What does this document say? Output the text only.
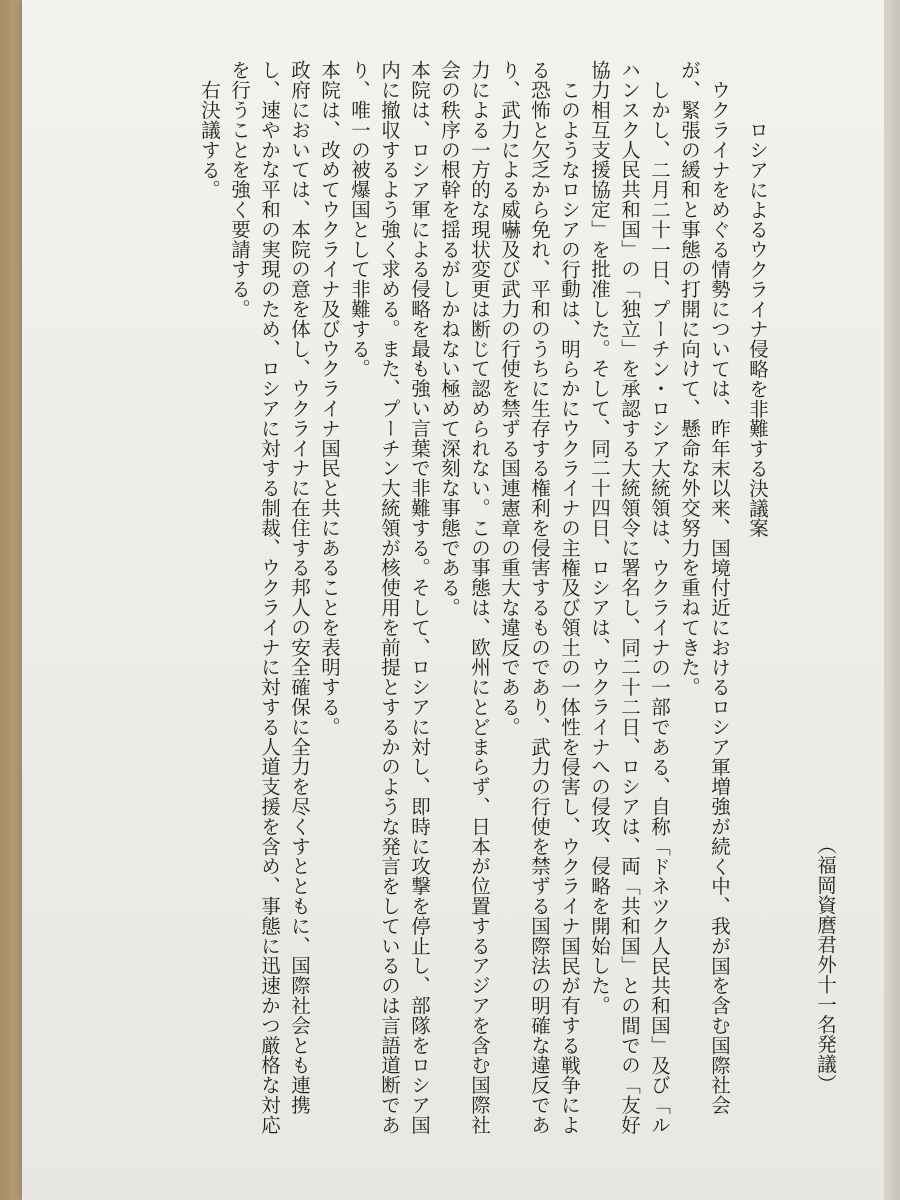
（福岡資麿君外十一名発議）
ロシアによるウクライナ侵略を非難する決議案
ウクライナをめぐる情勢については、昨年末以来、国境付近におけるロシア軍増強が続く中、我が国を含む国際社会が、緊張の緩和と事態の打開に向けて、懸命な外交努力を重ねてきた。
しかし、二月二十一日、プーチン・ロシア大統領は、ウクライナの一部である、自称「ドネツク人民共和国」及び「ルハンスク人民共和国」の「独立」を承認する大統領令に署名し、同二十二日、ロシアは、両「共和国」との間での「友好協力相互支援協定」を批准した。そして、同二十四日、ロシアは、ウクライナへの侵攻、侵略を開始した。
このようなロシアの行動は、明らかにウクライナの主権及び領土の一体性を侵害し、ウクライナ国民が有する戦争による恐怖と欠乏から免れ、平和のうちに生存する権利を侵害するものであり、武力の行使を禁ずる国際法の明確な違反であり、武力による威嚇及び武力の行使を禁ずる国連憲章の重大な違反である。
力による一方的な現状変更は断じて認められない。この事態は、欧州にとどまらず、日本が位置するアジアを含む国際社会の秩序の根幹を揺るがしかねない極めて深刻な事態である。
本院は、ロシア軍による侵略を最も強い言葉で非難する。そして、ロシアに対し、即時に攻撃を停止し、部隊をロシア国内に撤収するよう強く求める。また、プーチン大統領が核使用を前提とするかのような発言をしているのは言語道断であり、唯一の被爆国として非難する。
本院は、改めてウクライナ及びウクライナ国民と共にあることを表明する。
政府においては、本院の意を体し、ウクライナに在住する邦人の安全確保に全力を尽くすとともに、国際社会とも連携し、速やかな平和の実現のため、ロシアに対する制裁、ウクライナに対する人道支援を含め、事態に迅速かつ厳格な対応を行うことを強く要請する。
右決議する。
